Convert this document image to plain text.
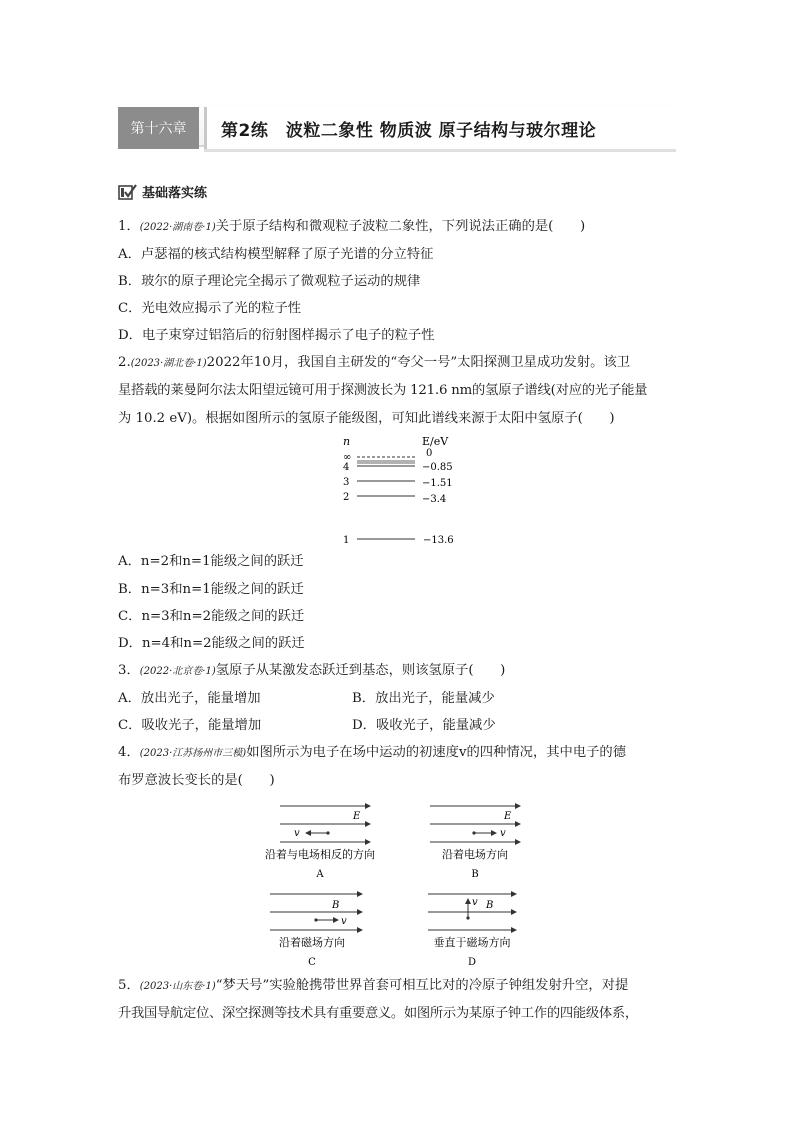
第十六章	第2练　波粒二象性 物质波 原子结构与玻尔理论
基础落实练
1．(2022·湖南卷·1)关于原子结构和微观粒子波粒二象性，下列说法正确的是(　　)
A．卢瑟福的核式结构模型解释了原子光谱的分立特征
B．玻尔的原子理论完全揭示了微观粒子运动的规律
C．光电效应揭示了光的粒子性
D．电子束穿过铝箔后的衍射图样揭示了电子的粒子性
2.(2023·湖北卷·1)2022年10月，我国自主研发的“夸父一号”太阳探测卫星成功发射。该卫
星搭载的莱曼阿尔法太阳望远镜可用于探测波长为 121.6 nm的氢原子谱线(对应的光子能量
为 10.2 eV)。根据如图所示的氢原子能级图，可知此谱线来源于太阳中氢原子(　　)
n	E/eV
∞	0
4	−0.85
3	−1.51
2	−3.4
1	−13.6
A．n=2和n=1能级之间的跃迁
B．n=3和n=1能级之间的跃迁
C．n=3和n=2能级之间的跃迁
D．n=4和n=2能级之间的跃迁
3．(2022·北京卷·1)氢原子从某激发态跃迁到基态，则该氢原子(　　)
A．放出光子，能量增加	B．放出光子，能量减少
C．吸收光子，能量增加	D．吸收光子，能量减少
4．(2023·江苏扬州市三模)如图所示为电子在场中运动的初速度v的四种情况，其中电子的德
布罗意波长变长的是(　　)
E
v
沿着与电场相反的方向
A
E
v
沿着电场方向
B
B
v
沿着磁场方向
C
v B
垂直于磁场方向
D
5．(2023·山东卷·1)“梦天号”实验舱携带世界首套可相互比对的冷原子钟组发射升空，对提
升我国导航定位、深空探测等技术具有重要意义。如图所示为某原子钟工作的四能级体系，
